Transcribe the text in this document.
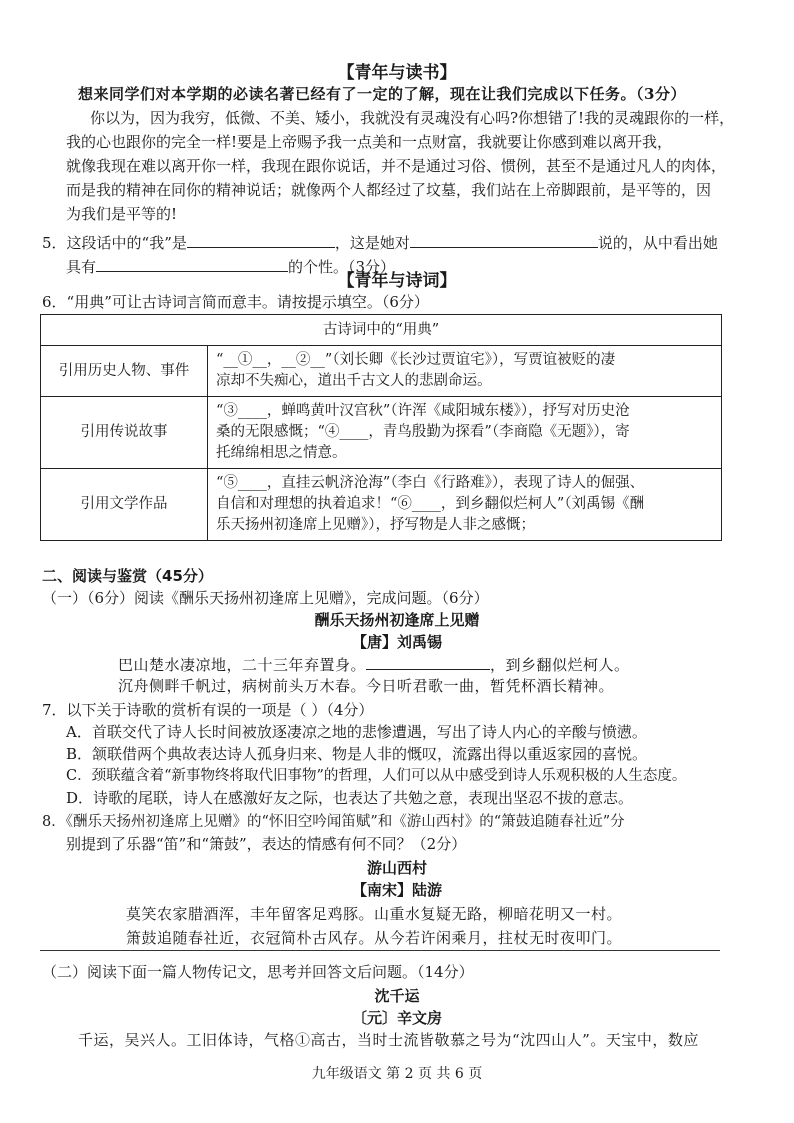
【青年与读书】
想来同学们对本学期的必读名著已经有了一定的了解，现在让我们完成以下任务。（3分）
你以为，因为我穷，低微、不美、矮小，我就没有灵魂没有心吗?你想错了!我的灵魂跟你的一样，
我的心也跟你的完全一样!要是上帝赐予我一点美和一点财富，我就要让你感到难以离开我，
就像我现在难以离开你一样，我现在跟你说话，并不是通过习俗、惯例，甚至不是通过凡人的肉体，
而是我的精神在同你的精神说话；就像两个人都经过了坟墓，我们站在上帝脚跟前，是平等的，因
为我们是平等的!
5．这段话中的“我”是	，这是她对	说的，从中看出她
具有	的个性。（3分）
【青年与诗词】
6．“用典”可让古诗词言简而意丰。请按提示填空。（6分）
古诗词中的“用典”	
引用历史人物、事件	“__①__，__②__”（刘长卿《长沙过贾谊宅》），写贾谊被贬的凄
凉却不失痴心，道出千古文人的悲剧命运。

引用传说故事	“③____，蝉鸣黄叶汉宫秋”（许浑《咸阳城东楼》），抒写对历史沧
桑的无限感慨；“④____，青鸟殷勤为探看”（李商隐《无题》），寄
托绵绵相思之情意。

引用文学作品	“⑤____，直挂云帆济沧海”（李白《行路难》），表现了诗人的倔强、
自信和对理想的执着追求！“⑥____，到乡翻似烂柯人”（刘禹锡《酬
乐天扬州初逢席上见赠》），抒写物是人非之感慨；
二、阅读与鉴赏（45分）
（一）（6分）阅读《酬乐天扬州初逢席上见赠》，完成问题。（6分）
酬乐天扬州初逢席上见赠
【唐】刘禹锡
巴山楚水凄凉地，二十三年弃置身。	，到乡翻似烂柯人。
沉舟侧畔千帆过，病树前头万木春。今日听君歌一曲，暂凭杯酒长精神。
7．以下关于诗歌的赏析有误的一项是（ ）（4分）
A．首联交代了诗人长时间被放逐凄凉之地的悲惨遭遇，写出了诗人内心的辛酸与愤懑。
B．颔联借两个典故表达诗人孤身归来、物是人非的慨叹，流露出得以重返家园的喜悦。
C．颈联蕴含着“新事物终将取代旧事物”的哲理，人们可以从中感受到诗人乐观积极的人生态度。
D．诗歌的尾联，诗人在感激好友之际，也表达了共勉之意，表现出坚忍不拔的意志。
8．《酬乐天扬州初逢席上见赠》的“怀旧空吟闻笛赋”和《游山西村》的“箫鼓追随春社近”分
别提到了乐器“笛”和“箫鼓”，表达的情感有何不同？（2分）
游山西村
【南宋】陆游
莫笑农家腊酒浑，丰年留客足鸡豚。山重水复疑无路，柳暗花明又一村。
箫鼓追随春社近，衣冠简朴古风存。从今若许闲乘月，拄杖无时夜叩门。
（二）阅读下面一篇人物传记文，思考并回答文后问题。（14分）
沈千运
〔元〕辛文房
千运，吴兴人。工旧体诗，气格①高古，当时士流皆敬慕之号为“沈四山人”。天宝中，数应
九年级语文 第 2 页 共 6 页
